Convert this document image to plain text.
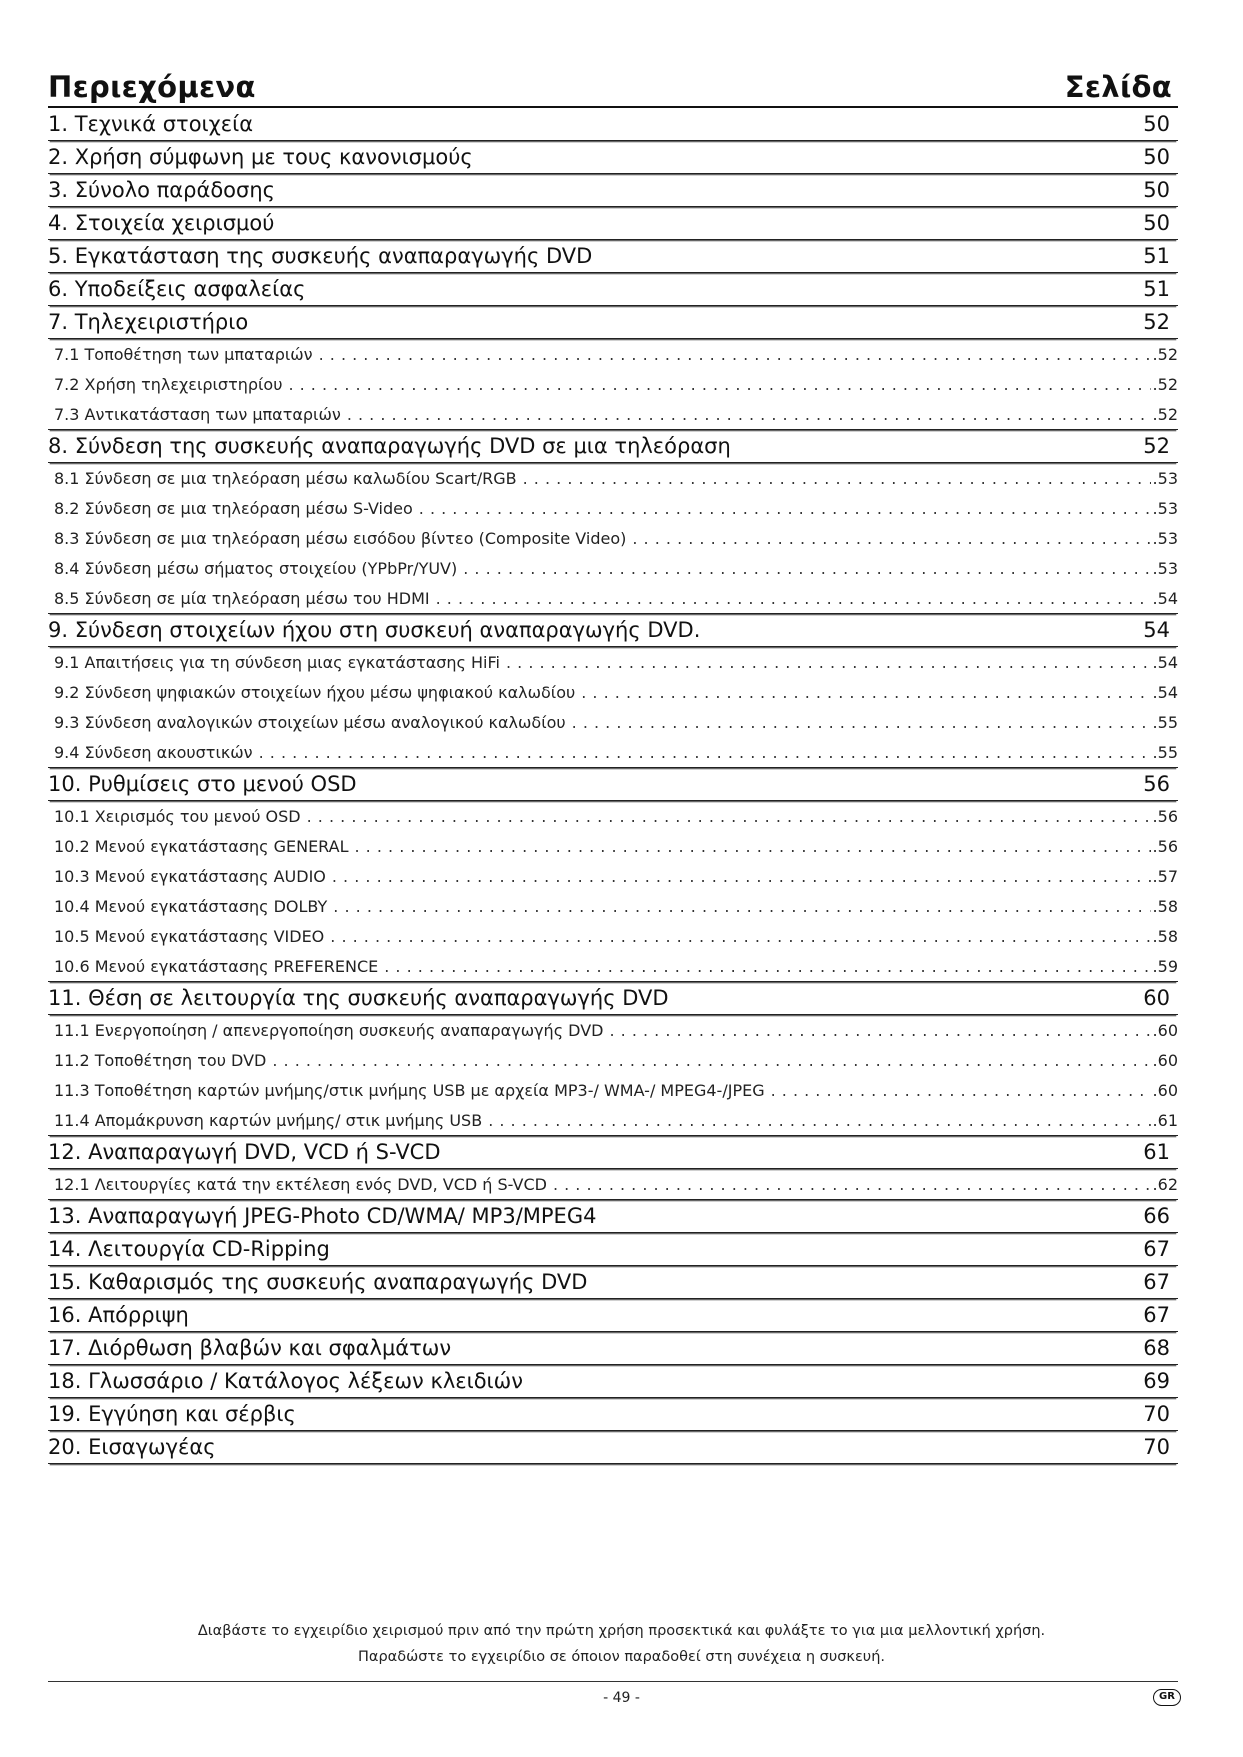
Περιεχόμενα	Σελίδα
1. Τεχνικά στοιχεία	50
2. Χρήση σύμφωνη με τους κανονισμούς	50
3. Σύνολο παράδοσης	50
4. Στοιχεία χειρισμού	50
5. Εγκατάσταση της συσκευής αναπαραγωγής DVD	51
6. Υποδείξεις ασφαλείας	51
7. Τηλεχειριστήριο	52
7.1 Τοποθέτηση των μπαταριών . . .	.52
7.2 Χρήση τηλεχειριστηρίου . . .	.52
7.3 Αντικατάσταση των μπαταριών . . .	.52
8. Σύνδεση της συσκευής αναπαραγωγής DVD σε μια τηλεόραση	52
8.1 Σύνδεση σε μια τηλεόραση μέσω καλωδίου Scart/RGB . . .	.53
8.2 Σύνδεση σε μια τηλεόραση μέσω S-Video . . .	.53
8.3 Σύνδεση σε μια τηλεόραση μέσω εισόδου βίντεο (Composite Video) . . .	.53
8.4 Σύνδεση μέσω σήματος στοιχείου (YPbPr/YUV) . . .	.53
8.5 Σύνδεση σε μία τηλεόραση μέσω του HDMI . . .	.54
9. Σύνδεση στοιχείων ήχου στη συσκευή αναπαραγωγής DVD.	54
9.1 Απαιτήσεις για τη σύνδεση μιας εγκατάστασης HiFi . . .	.54
9.2 Σύνδεση ψηφιακών στοιχείων ήχου μέσω ψηφιακού καλωδίου . . .	.54
9.3 Σύνδεση αναλογικών στοιχείων μέσω αναλογικού καλωδίου . . .	.55
9.4 Σύνδεση ακουστικών . . .	.55
10. Ρυθμίσεις στο μενού OSD	56
10.1 Χειρισμός του μενού OSD . . .	.56
10.2 Μενού εγκατάστασης GENERAL . . .	.56
10.3 Μενού εγκατάστασης AUDIO . . .	.57
10.4 Μενού εγκατάστασης DOLBY . . .	.58
10.5 Μενού εγκατάστασης VIDEO . . .	.58
10.6 Μενού εγκατάστασης PREFERENCE . . .	.59
11. Θέση σε λειτουργία της συσκευής αναπαραγωγής DVD	60
11.1 Ενεργοποίηση / απενεργοποίηση συσκευής αναπαραγωγής DVD . . .	.60
11.2 Τοποθέτηση του DVD . . .	.60
11.3 Τοποθέτηση καρτών μνήμης/στικ μνήμης USB με αρχεία MP3-/ WMA-/ MPEG4-/JPEG . . .	.60
11.4 Απομάκρυνση καρτών μνήμης/ στικ μνήμης USB . . .	.61
12. Αναπαραγωγή DVD, VCD ή S-VCD	61
12.1 Λειτουργίες κατά την εκτέλεση ενός DVD, VCD ή S-VCD . . .	.62
13. Αναπαραγωγή JPEG-Photo CD/WMA/ MP3/MPEG4	66
14. Λειτουργία CD-Ripping	67
15. Καθαρισμός της συσκευής αναπαραγωγής DVD	67
16. Απόρριψη	67
17. Διόρθωση βλαβών και σφαλμάτων	68
18. Γλωσσάριο / Κατάλογος λέξεων κλειδιών	69
19. Εγγύηση και σέρβις	70
20. Εισαγωγέας	70
Διαβάστε το εγχειρίδιο χειρισμού πριν από την πρώτη χρήση προσεκτικά και φυλάξτε το για μια μελλοντική χρήση.
Παραδώστε το εγχειρίδιο σε όποιον παραδοθεί στη συνέχεια η συσκευή.
- 49 -	GR
